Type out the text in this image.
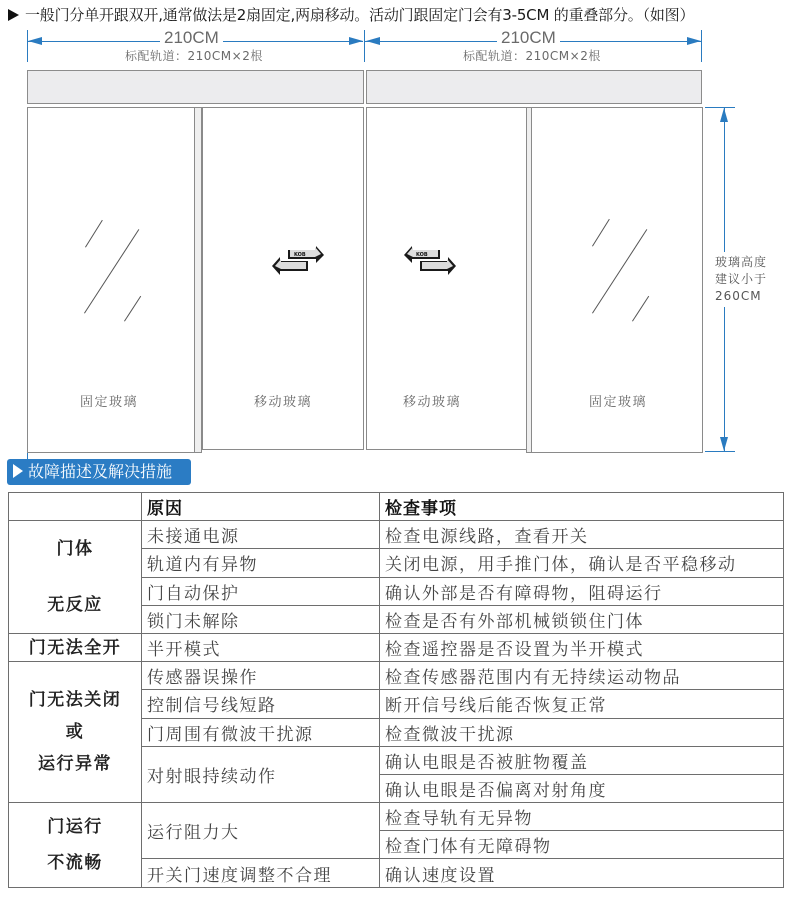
一般门分单开跟双开,通常做法是2扇固定,两扇移动。活动门跟固定门会有3-5CM 的重叠部分。（如图）
210CM
标配轨道：210CM×2根
210CM
标配轨道：210CM×2根
固定玻璃
KOB
移动玻璃
KOB
移动玻璃	固定玻璃
玻璃高度
建议小于
260CM
故障描述及解决措施
	原因	检查事项

门体
无反应	未接通电源	检查电源线路，查看开关
	轨道内有异物	关闭电源，用手推门体，确认是否平稳移动
	门自动保护	确认外部是否有障碍物，阻碍运行
	锁门未解除	检查是否有外部机械锁锁住门体

门无法全开	半开模式	检查遥控器是否设置为半开模式

门无法关闭
或
运行异常	传感器误操作	检查传感器范围内有无持续运动物品
	控制信号线短路	断开信号线后能否恢复正常
	门周围有微波干扰源	检查微波干扰源
	对射眼持续动作	确认电眼是否被脏物覆盖
		确认电眼是否偏离对射角度

门运行
不流畅	运行阻力大	检查导轨有无异物
		检查门体有无障碍物
	开关门速度调整不合理	确认速度设置
